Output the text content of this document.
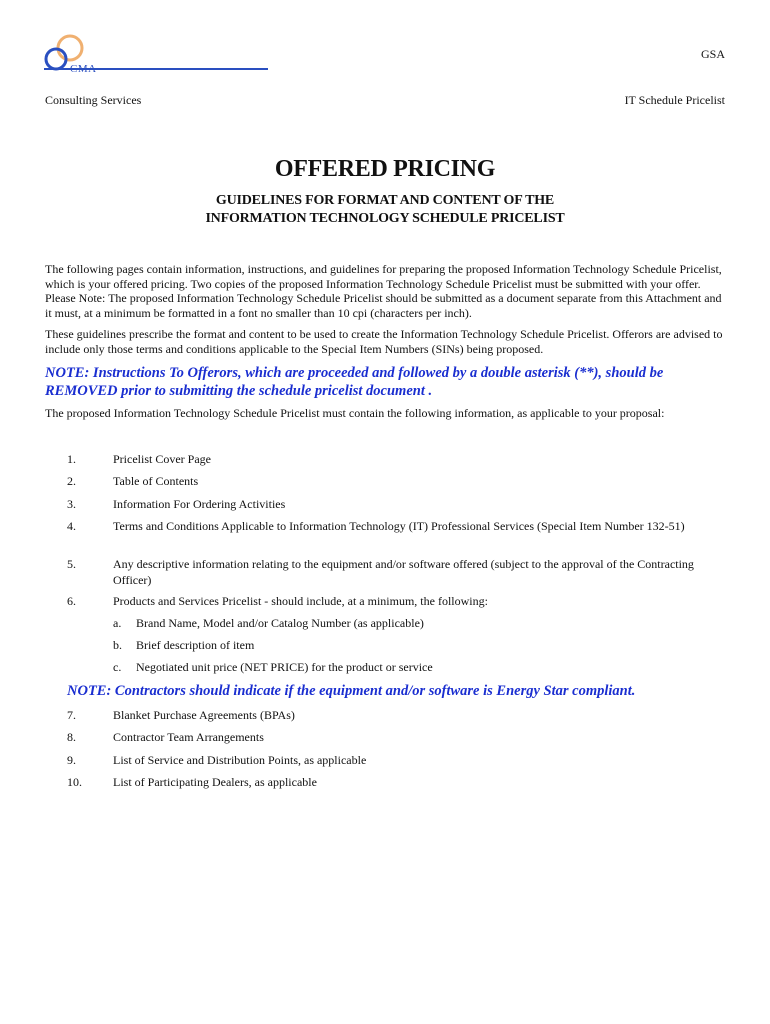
CMA
GSA
Consulting Services	IT Schedule Pricelist
OFFERED PRICING
GUIDELINES FOR FORMAT AND CONTENT OF THE
INFORMATION TECHNOLOGY SCHEDULE PRICELIST
The following pages contain information, instructions, and guidelines for preparing the proposed Information Technology Schedule Pricelist, which is your offered pricing. Two copies of the proposed Information Technology Schedule Pricelist must be submitted with your offer. Please Note: The proposed Information Technology Schedule Pricelist should be submitted as a document separate from this Attachment and it must, at a minimum be formatted in a font no smaller than 10 cpi (characters per inch).
These guidelines prescribe the format and content to be used to create the Information Technology Schedule Pricelist. Offerors are advised to include only those terms and conditions applicable to the Special Item Numbers (SINs) being proposed.
NOTE: Instructions To Offerors, which are proceeded and followed by a double asterisk (**), should be REMOVED prior to submitting the schedule pricelist document .
The proposed Information Technology Schedule Pricelist must contain the following information, as applicable to your proposal:
1.	Pricelist Cover Page
2.	Table of Contents
3.	Information For Ordering Activities
4.	Terms and Conditions Applicable to Information Technology (IT) Professional Services (Special Item Number 132-51)
5.	Any descriptive information relating to the equipment and/or software offered (subject to the approval of the Contracting Officer)
6.	Products and Services Pricelist - should include, at a minimum, the following:
a. Brand Name, Model and/or Catalog Number (as applicable)
b. Brief description of item
c. Negotiated unit price (NET PRICE) for the product or service
NOTE: Contractors should indicate if the equipment and/or software is Energy Star compliant.
7.	Blanket Purchase Agreements (BPAs)
8.	Contractor Team Arrangements
9.	List of Service and Distribution Points, as applicable
10.	List of Participating Dealers, as applicable
